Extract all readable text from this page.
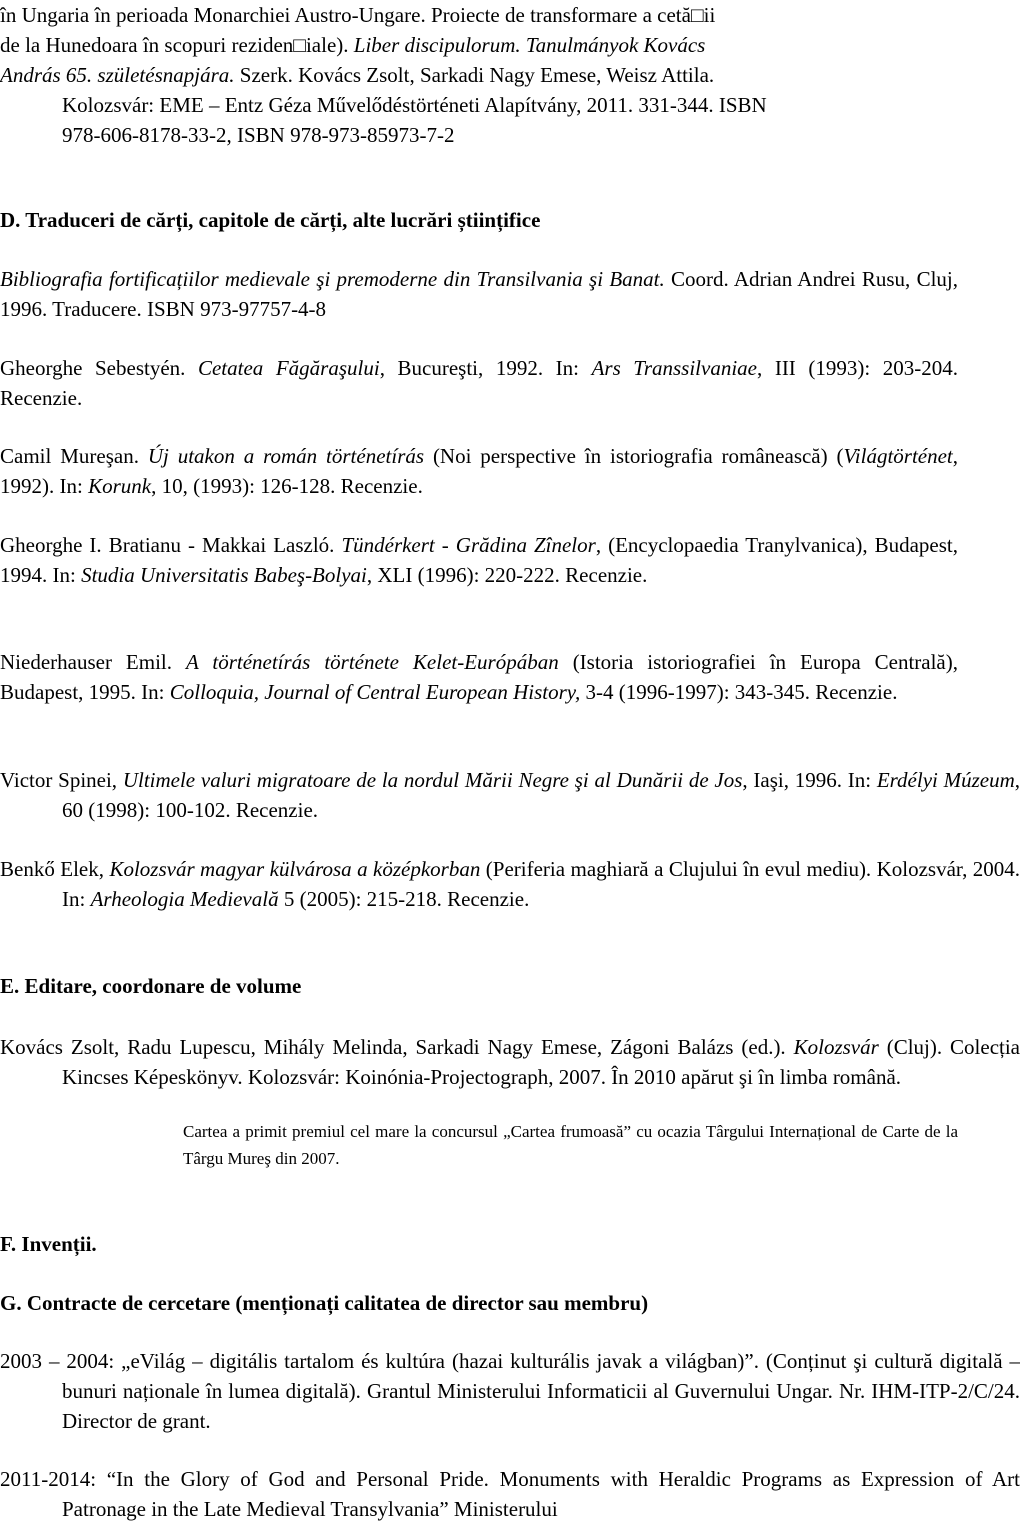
în Ungaria în perioada Monarchiei Austro-Ungare. Proiecte de transformare a cetă□ii
de la Hunedoara în scopuri reziden□iale). Liber discipulorum. Tanulmányok Kovács
András 65. születésnapjára. Szerk. Kovács Zsolt, Sarkadi Nagy Emese, Weisz Attila.
Kolozsvár: EME – Entz Géza Művelődéstörténeti Alapítvány, 2011. 331-344. ISBN
978-606-8178-33-2, ISBN 978-973-85973-7-2
D. Traduceri de cărți, capitole de cărți, alte lucrări științifice
Bibliografia fortificațiilor medievale şi premoderne din Transilvania şi Banat. Coord. Adrian Andrei Rusu, Cluj, 1996. Traducere. ISBN 973-97757-4-8
Gheorghe Sebestyén. Cetatea Făgăraşului, Bucureşti, 1992. In: Ars Transsilvaniae, III (1993): 203-204. Recenzie.
Camil Mureşan. Új utakon a román történetírás (Noi perspective în istoriografia românească) (Világtörténet, 1992). In: Korunk, 10, (1993): 126-128. Recenzie.
Gheorghe I. Bratianu - Makkai Laszló. Tündérkert - Grădina Zînelor, (Encyclopaedia Tranylvanica), Budapest, 1994. In: Studia Universitatis Babeş-Bolyai, XLI (1996): 220-222. Recenzie.
Niederhauser Emil. A történetírás története Kelet-Európában (Istoria istoriografiei în Europa Centrală), Budapest, 1995. In: Colloquia, Journal of Central European History, 3-4 (1996-1997): 343-345. Recenzie.
Victor Spinei, Ultimele valuri migratoare de la nordul Mării Negre şi al Dunării de Jos, Iaşi, 1996. In: Erdélyi Múzeum, 60 (1998): 100-102. Recenzie.
Benkő Elek, Kolozsvár magyar külvárosa a középkorban (Periferia maghiară a Clujului în evul mediu). Kolozsvár, 2004. In: Arheologia Medievală 5 (2005): 215-218. Recenzie.
E. Editare, coordonare de volume
Kovács Zsolt, Radu Lupescu, Mihály Melinda, Sarkadi Nagy Emese, Zágoni Balázs (ed.). Kolozsvár (Cluj). Colecția Kincses Képeskönyv. Kolozsvár: Koinónia-Projectograph, 2007. În 2010 apărut şi în limba română.
Cartea a primit premiul cel mare la concursul „Cartea frumoasă” cu ocazia Târgului Internațional de Carte de la Târgu Mureş din 2007.
F. Invenții.
G. Contracte de cercetare (menționați calitatea de director sau membru)
2003 – 2004: „eVilág – digitális tartalom és kultúra (hazai kulturális javak a világban)”. (Conținut şi cultură digitală – bunuri naționale în lumea digitală). Grantul Ministerului Informaticii al Guvernului Ungar. Nr. IHM-ITP-2/C/24. Director de grant.
2011-2014: “In the Glory of God and Personal Pride. Monuments with Heraldic Programs as Expression of Art Patronage in the Late Medieval Transylvania” Ministerului
